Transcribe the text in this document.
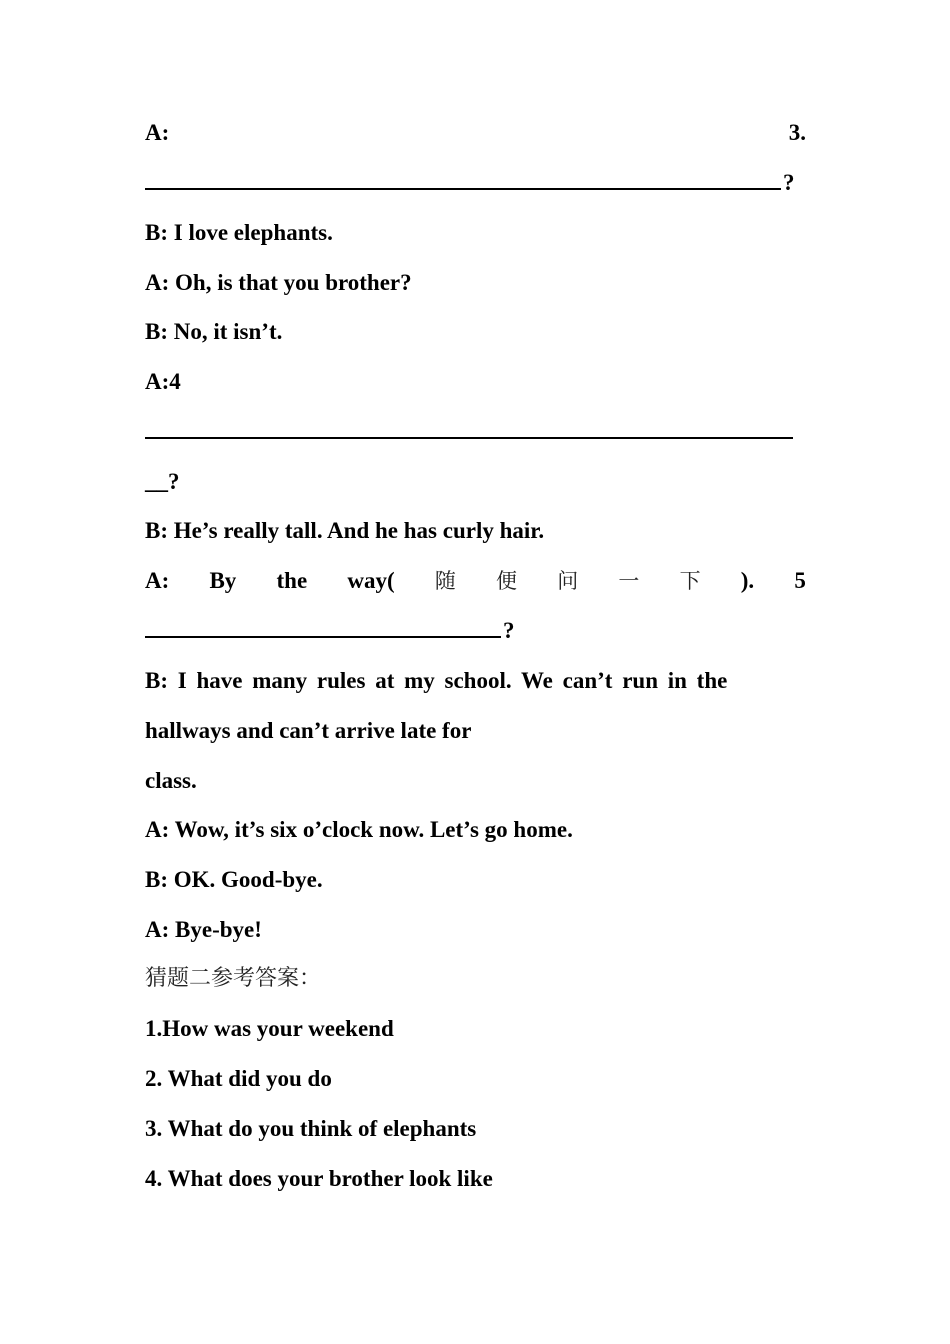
A:	3.
?
B: I love elephants.
A: Oh, is that you brother?
B: No, it isn’t.
A:4
__?
B: He’s really tall. And he has curly hair.
A: By the way( 随 便 问 一 下 ). 5
?
B: I have many rules at my school. We can’t run in the
hallways and can’t arrive late for
class.
A: Wow, it’s six o’clock now. Let’s go home.
B: OK. Good-bye.
A: Bye-bye!
猜题二参考答案：
1.How was your weekend
2. What did you do
3. What do you think of elephants
4. What does your brother look like
